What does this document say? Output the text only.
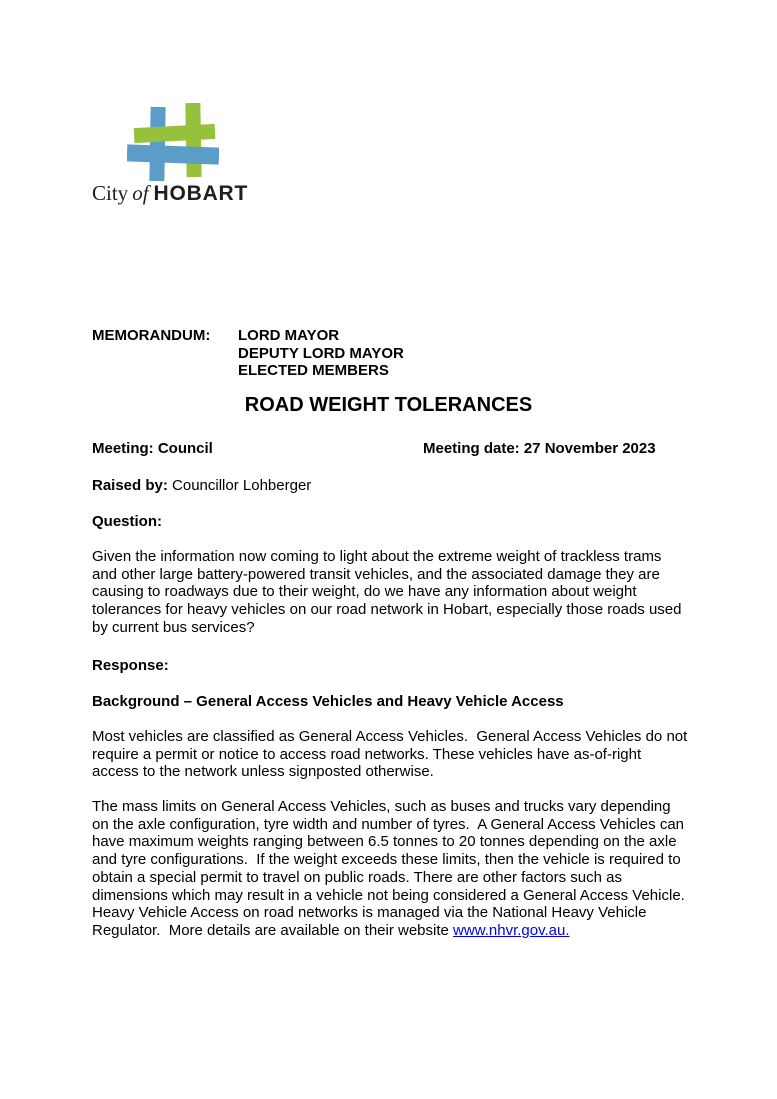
City of HOBART
MEMORANDUM:	LORD MAYOR
DEPUTY LORD MAYOR
ELECTED MEMBERS
ROAD WEIGHT TOLERANCES
Meeting: Council	Meeting date: 27 November 2023
Raised by: Councillor Lohberger
Question:
Given the information now coming to light about the extreme weight of trackless trams and other large battery-powered transit vehicles, and the associated damage they are causing to roadways due to their weight, do we have any information about weight tolerances for heavy vehicles on our road network in Hobart, especially those roads used by current bus services?
Response:
Background – General Access Vehicles and Heavy Vehicle Access
Most vehicles are classified as General Access Vehicles.  General Access Vehicles do not require a permit or notice to access road networks. These vehicles have as-of-right access to the network unless signposted otherwise.
The mass limits on General Access Vehicles, such as buses and trucks vary depending on the axle configuration, tyre width and number of tyres.  A General Access Vehicles can have maximum weights ranging between 6.5 tonnes to 20 tonnes depending on the axle and tyre configurations.  If the weight exceeds these limits, then the vehicle is required to obtain a special permit to travel on public roads. There are other factors such as dimensions which may result in a vehicle not being considered a General Access Vehicle.  Heavy Vehicle Access on road networks is managed via the National Heavy Vehicle Regulator.  More details are available on their website www.nhvr.gov.au.
